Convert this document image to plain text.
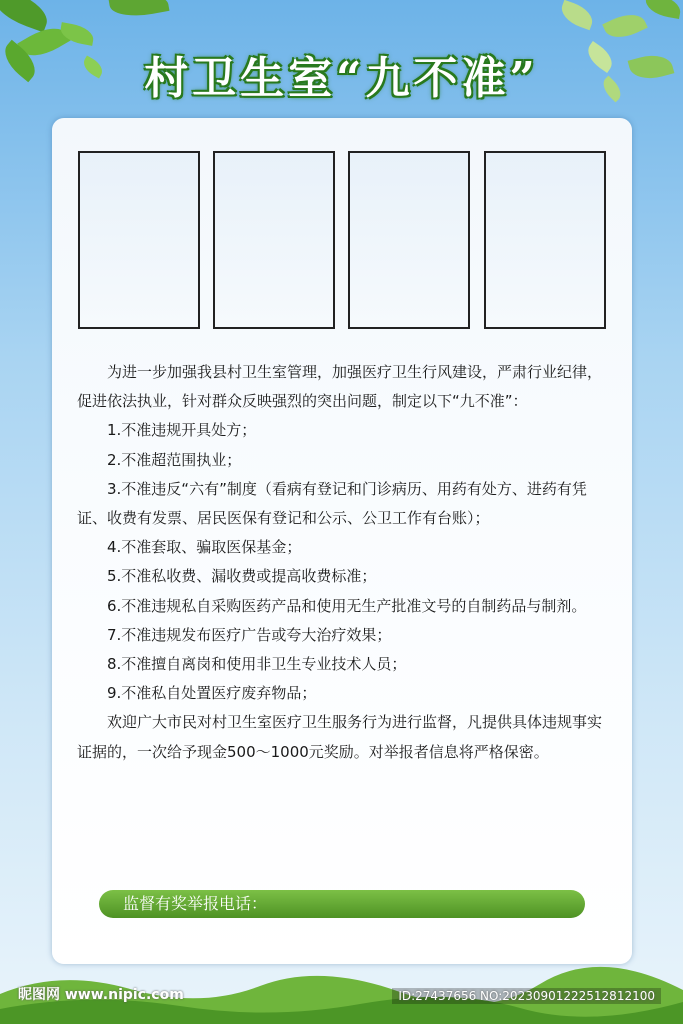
村卫生室“九不准”

为进一步加强我县村卫生室管理，加强医疗卫生行风建设，严肃行业纪律，促进依法执业，针对群众反映强烈的突出问题，制定以下“九不准”：

1.不准违规开具处方；

2.不准超范围执业；

3.不准违反“六有”制度（看病有登记和门诊病历、用药有处方、进药有凭证、收费有发票、居民医保有登记和公示、公卫工作有台账）；

4.不准套取、骗取医保基金；

5.不准私收费、漏收费或提高收费标准；

6.不准违规私自采购医药产品和使用无生产批准文号的自制药品与制剂。

7.不准违规发布医疗广告或夸大治疗效果；

8.不准擅自离岗和使用非卫生专业技术人员；

9.不准私自处置医疗废弃物品；

欢迎广大市民对村卫生室医疗卫生服务行为进行监督，凡提供具体违规事实证据的，一次给予现金500～1000元奖励。对举报者信息将严格保密。

监督有奖举报电话：
昵图网 www.nipic.com	ID:27437656 NO:20230901222512812100
